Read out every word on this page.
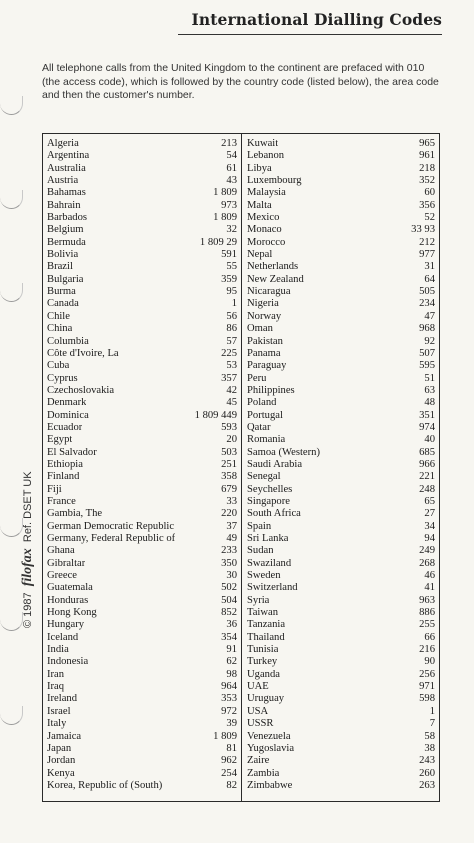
International Dialling Codes
All telephone calls from the United Kingdom to the continent are prefaced with 010 (the access code), which is followed by the country code (listed below), the area code and then the customer's number.
© 1987 filofax Ref. DSET UK
Algeria	213
Argentina	54
Australia	61
Austria	43
Bahamas	1 809
Bahrain	973
Barbados	1 809
Belgium	32
Bermuda	1 809 29
Bolivia	591
Brazil	55
Bulgaria	359
Burma	95
Canada	1
Chile	56
China	86
Columbia	57
Côte d'Ivoire, La	225
Cuba	53
Cyprus	357
Czechoslovakia	42
Denmark	45
Dominica	1 809 449
Ecuador	593
Egypt	20
El Salvador	503
Ethiopia	251
Finland	358
Fiji	679
France	33
Gambia, The	220
German Democratic Republic	37
Germany, Federal Republic of	49
Ghana	233
Gibraltar	350
Greece	30
Guatemala	502
Honduras	504
Hong Kong	852
Hungary	36
Iceland	354
India	91
Indonesia	62
Iran	98
Iraq	964
Ireland	353
Israel	972
Italy	39
Jamaica	1 809
Japan	81
Jordan	962
Kenya	254
Korea, Republic of (South)	82
Kuwait	965
Lebanon	961
Libya	218
Luxembourg	352
Malaysia	60
Malta	356
Mexico	52
Monaco	33 93
Morocco	212
Nepal	977
Netherlands	31
New Zealand	64
Nicaragua	505
Nigeria	234
Norway	47
Oman	968
Pakistan	92
Panama	507
Paraguay	595
Peru	51
Philippines	63
Poland	48
Portugal	351
Qatar	974
Romania	40
Samoa (Western)	685
Saudi Arabia	966
Senegal	221
Seychelles	248
Singapore	65
South Africa	27
Spain	34
Sri Lanka	94
Sudan	249
Swaziland	268
Sweden	46
Switzerland	41
Syria	963
Taiwan	886
Tanzania	255
Thailand	66
Tunisia	216
Turkey	90
Uganda	256
UAE	971
Uruguay	598
USA	1
USSR	7
Venezuela	58
Yugoslavia	38
Zaire	243
Zambia	260
Zimbabwe	263
